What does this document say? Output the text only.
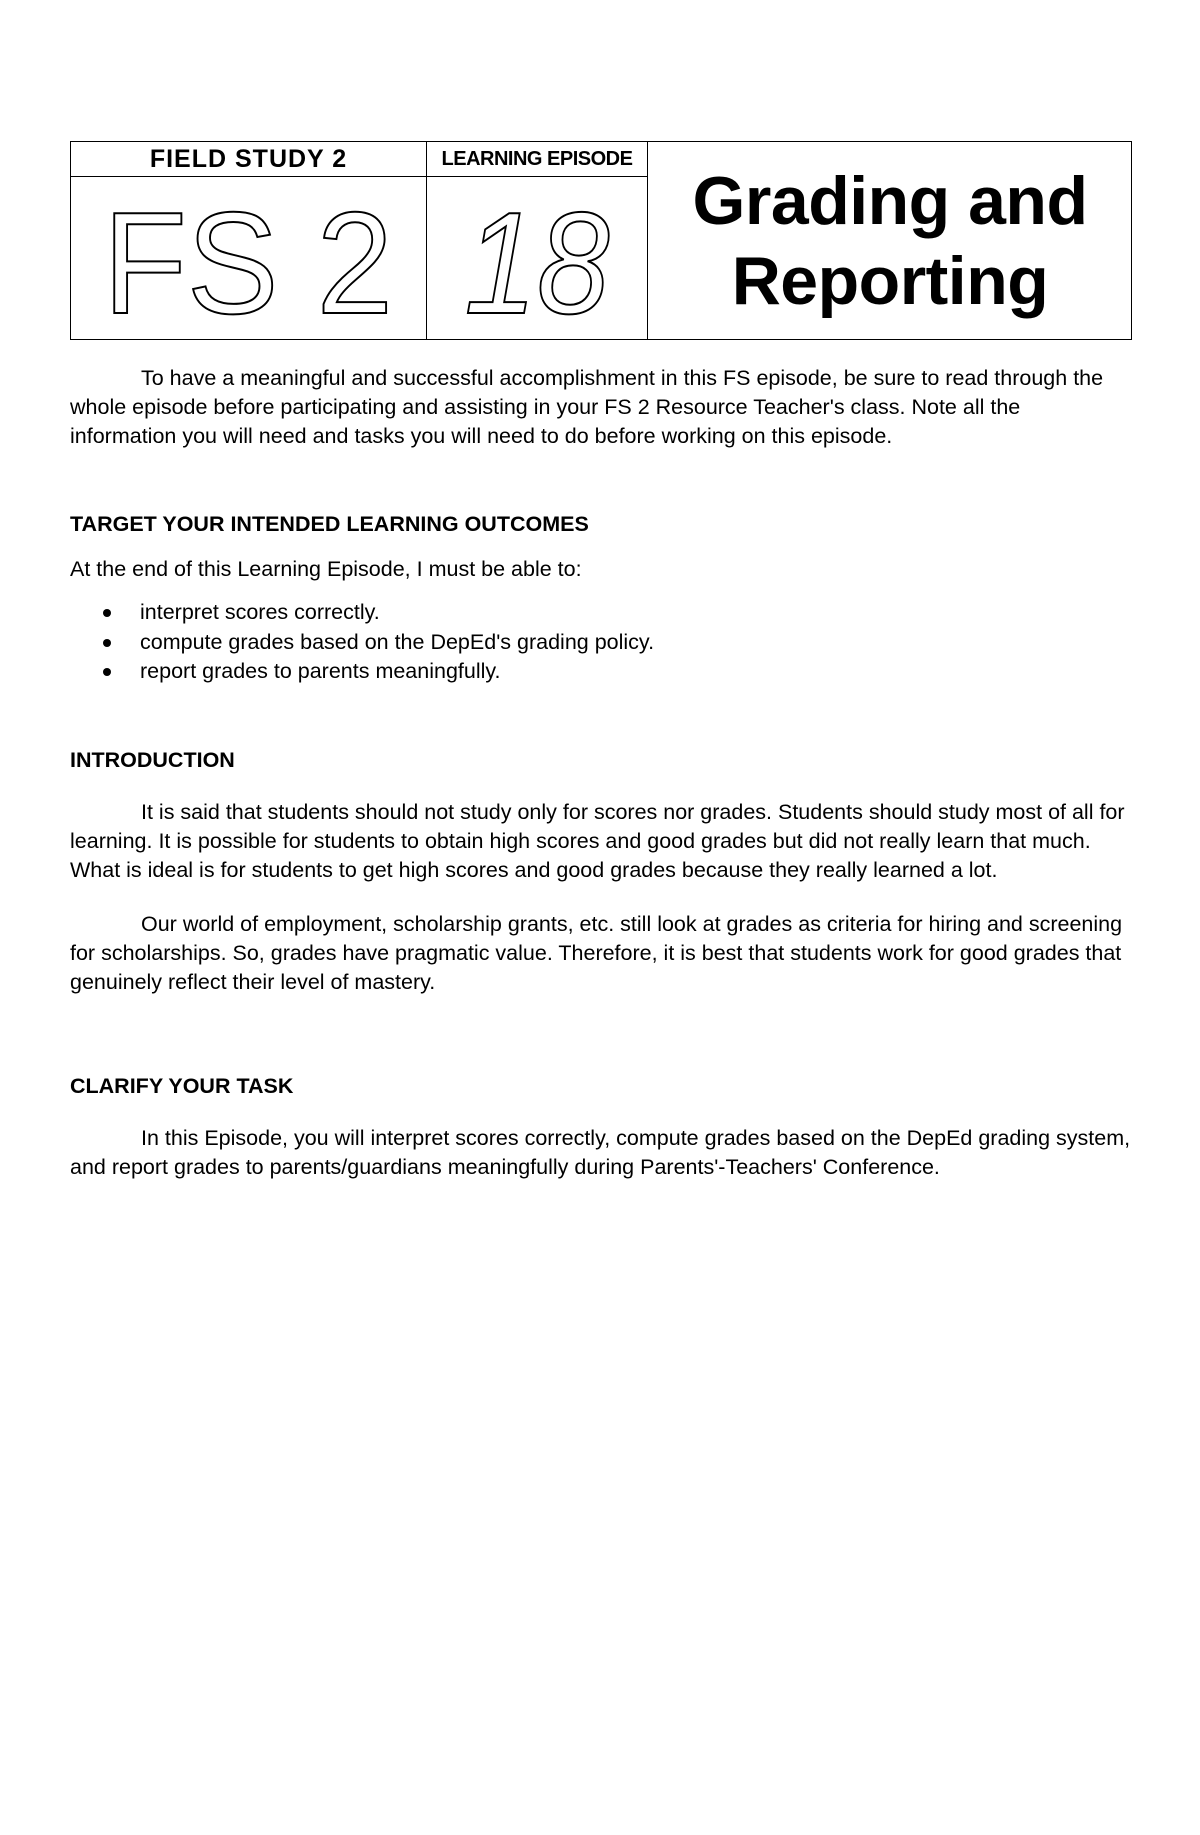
FIELD STUDY 2	LEARNING EPISODE
FS 2 18 Grading and
Reporting

To have a meaningful and successful accomplishment in this FS episode, be sure to read through the whole episode before participating and assisting in your FS 2 Resource Teacher's class. Note all the information you will need and tasks you will need to do before working on this episode.

TARGET YOUR INTENDED LEARNING OUTCOMES

At the end of this Learning Episode, I must be able to:

interpret scores correctly.
compute grades based on the DepEd's grading policy.
report grades to parents meaningfully.
INTRODUCTION

It is said that students should not study only for scores nor grades. Students should study most of all for learning. It is possible for students to obtain high scores and good grades but did not really learn that much. What is ideal is for students to get high scores and good grades because they really learned a lot.

Our world of employment, scholarship grants, etc. still look at grades as criteria for hiring and screening for scholarships. So, grades have pragmatic value. Therefore, it is best that students work for good grades that genuinely reflect their level of mastery.

CLARIFY YOUR TASK

In this Episode, you will interpret scores correctly, compute grades based on the DepEd grading system, and report grades to parents/guardians meaningfully during Parents'-Teachers' Conference.
